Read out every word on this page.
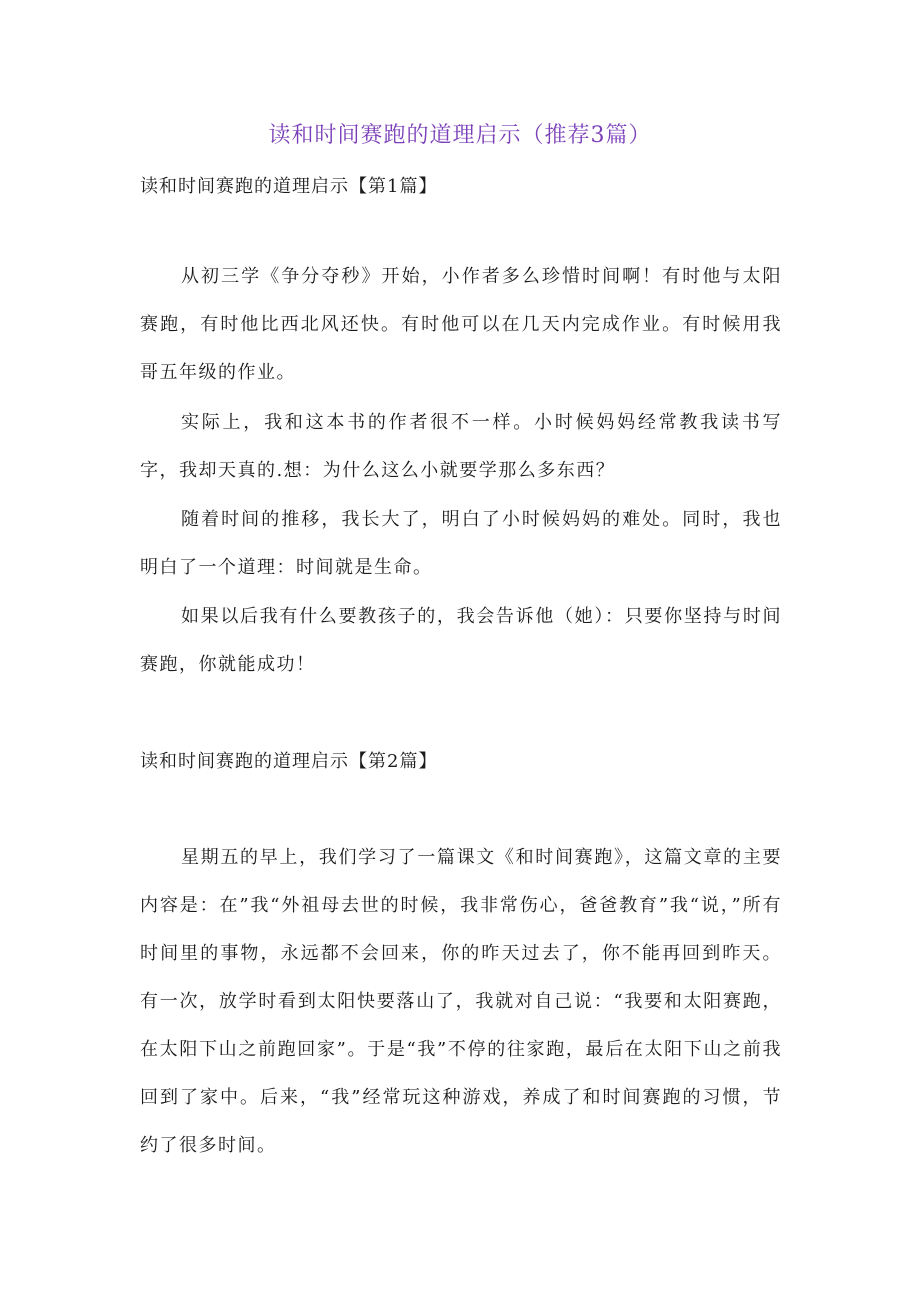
读和时间赛跑的道理启示（推荐3篇）
读和时间赛跑的道理启示【第1篇】

从初三学《争分夺秒》开始，小作者多么珍惜时间啊！有时他与太阳赛跑，有时他比西北风还快。有时他可以在几天内完成作业。有时候用我哥五年级的作业。

实际上，我和这本书的作者很不一样。小时候妈妈经常教我读书写字，我却天真的.想：为什么这么小就要学那么多东西？

随着时间的推移，我长大了，明白了小时候妈妈的难处。同时，我也明白了一个道理：时间就是生命。

如果以后我有什么要教孩子的，我会告诉他（她）：只要你坚持与时间赛跑，你就能成功！

读和时间赛跑的道理启示【第2篇】

星期五的早上，我们学习了一篇课文《和时间赛跑》，这篇文章的主要内容是：在”我“外祖母去世的时候，我非常伤心，爸爸教育”我“说，”所有时间里的事物，永远都不会回来，你的昨天过去了，你不能再回到昨天。有一次，放学时看到太阳快要落山了，我就对自己说：“我要和太阳赛跑，在太阳下山之前跑回家”。于是“我”不停的往家跑，最后在太阳下山之前我回到了家中。后来，“我”经常玩这种游戏，养成了和时间赛跑的习惯，节约了很多时间。
